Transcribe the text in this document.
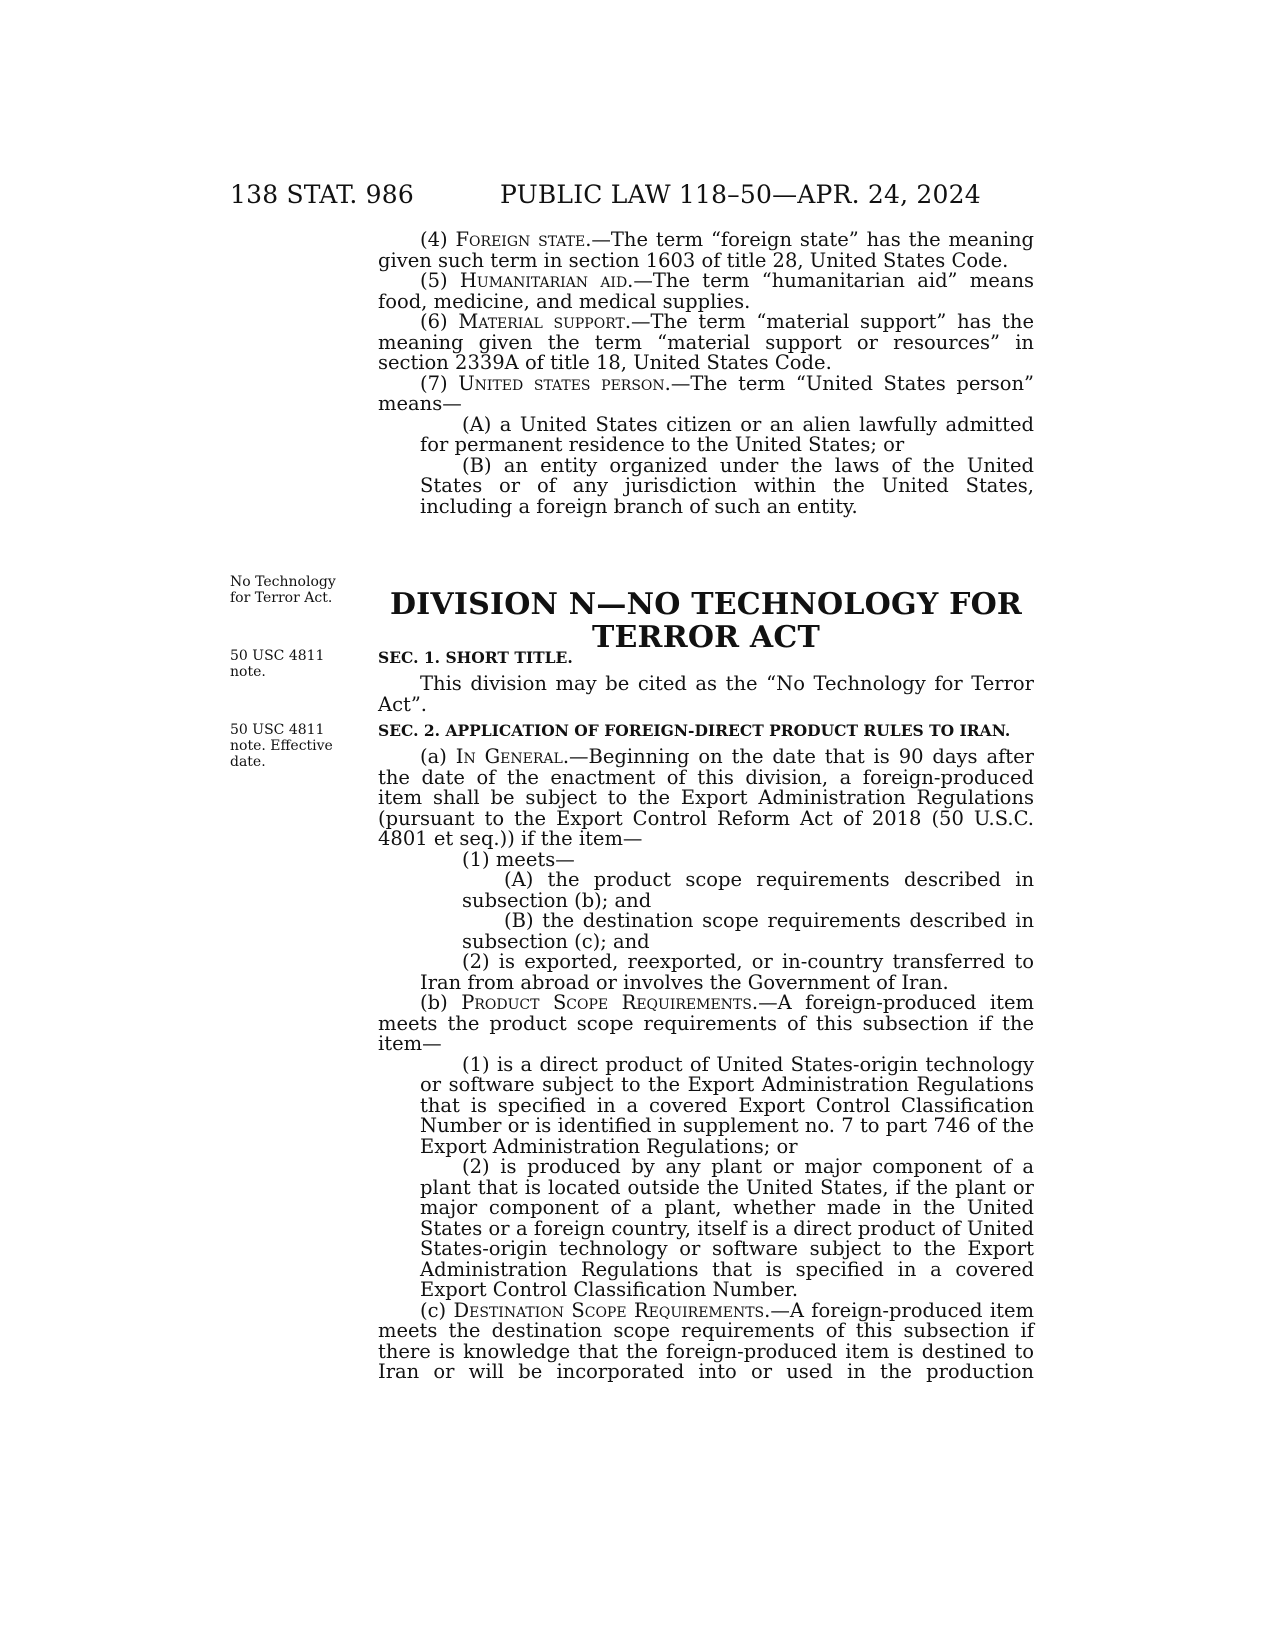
138 STAT. 986	PUBLIC LAW 118–50—APR. 24, 2024

(4) Foreign state.—The term “foreign state” has the meaning given such term in section 1603 of title 28, United States Code.

(5) Humanitarian aid.—The term “humanitarian aid” means food, medicine, and medical supplies.

(6) Material support.—The term “material support” has the meaning given the term “material support or resources” in section 2339A of title 18, United States Code.

(7) United states person.—The term “United States person” means—

(A) a United States citizen or an alien lawfully admitted for permanent residence to the United States; or

(B) an entity organized under the laws of the United States or of any jurisdiction within the United States, including a foreign branch of such an entity.

No Technology for Terror Act.
50 USC 4811 note.
50 USC 4811 note. Effective date.
DIVISION N—NO TECHNOLOGY FOR
TERROR ACT
SEC. 1. SHORT TITLE.

This division may be cited as the “No Technology for Terror Act”.

SEC. 2. APPLICATION OF FOREIGN-DIRECT PRODUCT RULES TO IRAN.

(a) In General.—Beginning on the date that is 90 days after the date of the enactment of this division, a foreign-produced item shall be subject to the Export Administration Regulations (pursuant to the Export Control Reform Act of 2018 (50 U.S.C. 4801 et seq.)) if the item—

(1) meets—

(A) the product scope requirements described in subsection (b); and

(B) the destination scope requirements described in subsection (c); and

(2) is exported, reexported, or in-country transferred to Iran from abroad or involves the Government of Iran.

(b) Product Scope Requirements.—A foreign-produced item meets the product scope requirements of this subsection if the item—

(1) is a direct product of United States-origin technology or software subject to the Export Administration Regulations that is specified in a covered Export Control Classification Number or is identified in supplement no. 7 to part 746 of the Export Administration Regulations; or

(2) is produced by any plant or major component of a plant that is located outside the United States, if the plant or major component of a plant, whether made in the United States or a foreign country, itself is a direct product of United States-origin technology or software subject to the Export Administration Regulations that is specified in a covered Export Control Classification Number.

(c) Destination Scope Requirements.—A foreign-produced item meets the destination scope requirements of this subsection if there is knowledge that the foreign-produced item is destined to Iran or will be incorporated into or used in the production
